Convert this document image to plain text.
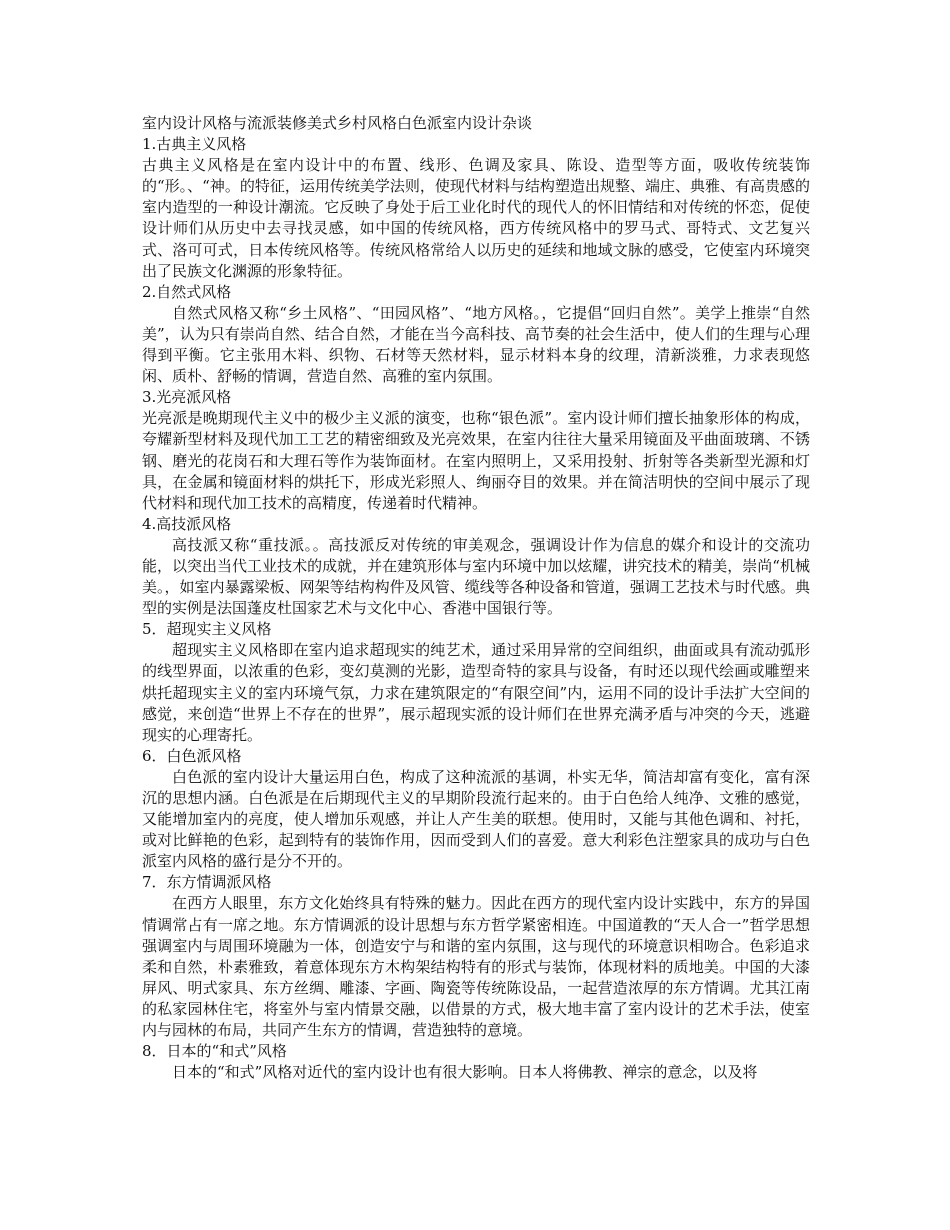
室内设计风格与流派装修美式乡村风格白色派室内设计杂谈

1.古典主义风格

古典主义风格是在室内设计中的布置、线形、色调及家具、陈设、造型等方面，吸收传统装饰的“形。、“神。的特征，运用传统美学法则，使现代材料与结构塑造出规整、端庄、典雅、有高贵感的室内造型的一种设计潮流。它反映了身处于后工业化时代的现代人的怀旧情结和对传统的怀恋，促使设计师们从历史中去寻找灵感，如中国的传统风格，西方传统风格中的罗马式、哥特式、文艺复兴式、洛可可式，日本传统风格等。传统风格常给人以历史的延续和地域文脉的感受，它使室内环境突出了民族文化渊源的形象特征。

2.自然式风格

自然式风格又称“乡土风格”、“田园风格”、“地方风格。，它提倡“回归自然”。美学上推崇“自然美”，认为只有崇尚自然、结合自然，才能在当今高科技、高节奏的社会生活中，使人们的生理与心理得到平衡。它主张用木料、织物、石材等天然材料，显示材料本身的纹理，清新淡雅，力求表现悠闲、质朴、舒畅的情调，营造自然、高雅的室内氛围。

3.光亮派风格

光亮派是晚期现代主义中的极少主义派的演变，也称“银色派”。室内设计师们擅长抽象形体的构成，夸耀新型材料及现代加工工艺的精密细致及光亮效果，在室内往往大量采用镜面及平曲面玻璃、不锈钢、磨光的花岗石和大理石等作为装饰面材。在室内照明上，又采用投射、折射等各类新型光源和灯具，在金属和镜面材料的烘托下，形成光彩照人、绚丽夺目的效果。并在简洁明快的空间中展示了现代材料和现代加工技术的高精度，传递着时代精神。

4.高技派风格

高技派又称“重技派。。高技派反对传统的审美观念，强调设计作为信息的媒介和设计的交流功能，以突出当代工业技术的成就，并在建筑形体与室内环境中加以炫耀，讲究技术的精美，崇尚“机械美。，如室内暴露梁板、网架等结构构件及风管、缆线等各种设备和管道，强调工艺技术与时代感。典型的实例是法国蓬皮杜国家艺术与文化中心、香港中国银行等。

5．超现实主义风格

超现实主义风格即在室内追求超现实的纯艺术，通过采用异常的空间组织，曲面或具有流动弧形的线型界面，以浓重的色彩，变幻莫测的光影，造型奇特的家具与设备，有时还以现代绘画或雕塑来烘托超现实主义的室内环境气氛，力求在建筑限定的“有限空间”内，运用不同的设计手法扩大空间的感觉，来创造“世界上不存在的世界”，展示超现实派的设计师们在世界充满矛盾与冲突的今天，逃避现实的心理寄托。

6．白色派风格

白色派的室内设计大量运用白色，构成了这种流派的基调，朴实无华，简洁却富有变化，富有深沉的思想内涵。白色派是在后期现代主义的早期阶段流行起来的。由于白色给人纯净、文雅的感觉，又能增加室内的亮度，使人增加乐观感，并让人产生美的联想。使用时，又能与其他色调和、衬托，或对比鲜艳的色彩，起到特有的装饰作用，因而受到人们的喜爱。意大利彩色注塑家具的成功与白色派室内风格的盛行是分不开的。

7．东方情调派风格

在西方人眼里，东方文化始终具有特殊的魅力。因此在西方的现代室内设计实践中，东方的异国情调常占有一席之地。东方情调派的设计思想与东方哲学紧密相连。中国道教的“天人合一”哲学思想强调室内与周围环境融为一体，创造安宁与和谐的室内氛围，这与现代的环境意识相吻合。色彩追求柔和自然，朴素雅致，着意体现东方木构架结构特有的形式与装饰，体现材料的质地美。中国的大漆屏风、明式家具、东方丝绸、雕漆、字画、陶瓷等传统陈设品，一起营造浓厚的东方情调。尤其江南的私家园林住宅，将室外与室内情景交融，以借景的方式，极大地丰富了室内设计的艺术手法，使室内与园林的布局，共同产生东方的情调，营造独特的意境。

8．日本的“和式”风格

日本的“和式”风格对近代的室内设计也有很大影响。日本人将佛教、禅宗的意念，以及将
